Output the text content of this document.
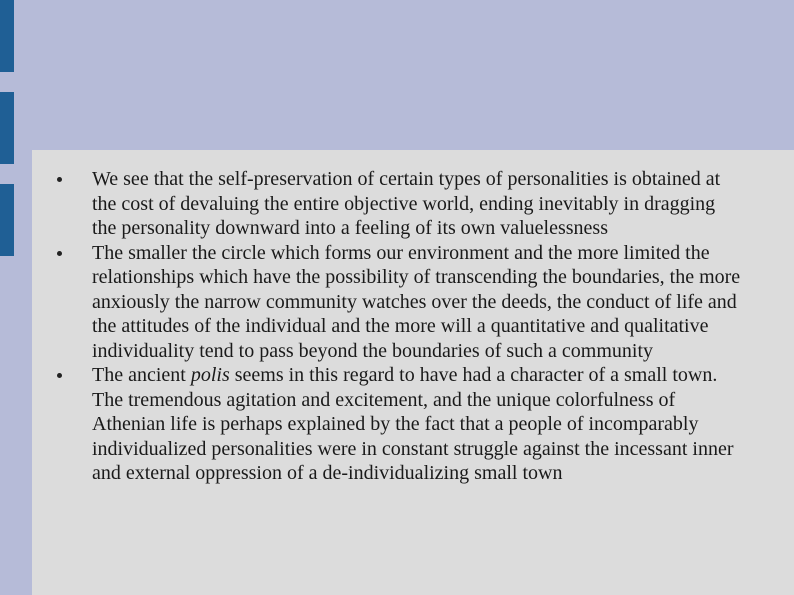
We see that the self-preservation of certain types of personalities is obtained at the cost of devaluing the entire objective world, ending inevitably in dragging the personality downward into a feeling of its own valuelessness
The smaller the circle which forms our environment and the more limited the relationships which have the possibility of transcending the boundaries, the more anxiously the narrow community watches over the deeds, the conduct of life and the attitudes of the individual and the more will a quantitative and qualitative individuality tend to pass beyond the boundaries of such a community
The ancient polis seems in this regard to have had a character of a small town. The tremendous agitation and excitement, and the unique colorfulness of Athenian life is perhaps explained by the fact that a people of incomparably individualized personalities were in constant struggle against the incessant inner and external oppression of a de-individualizing small town
